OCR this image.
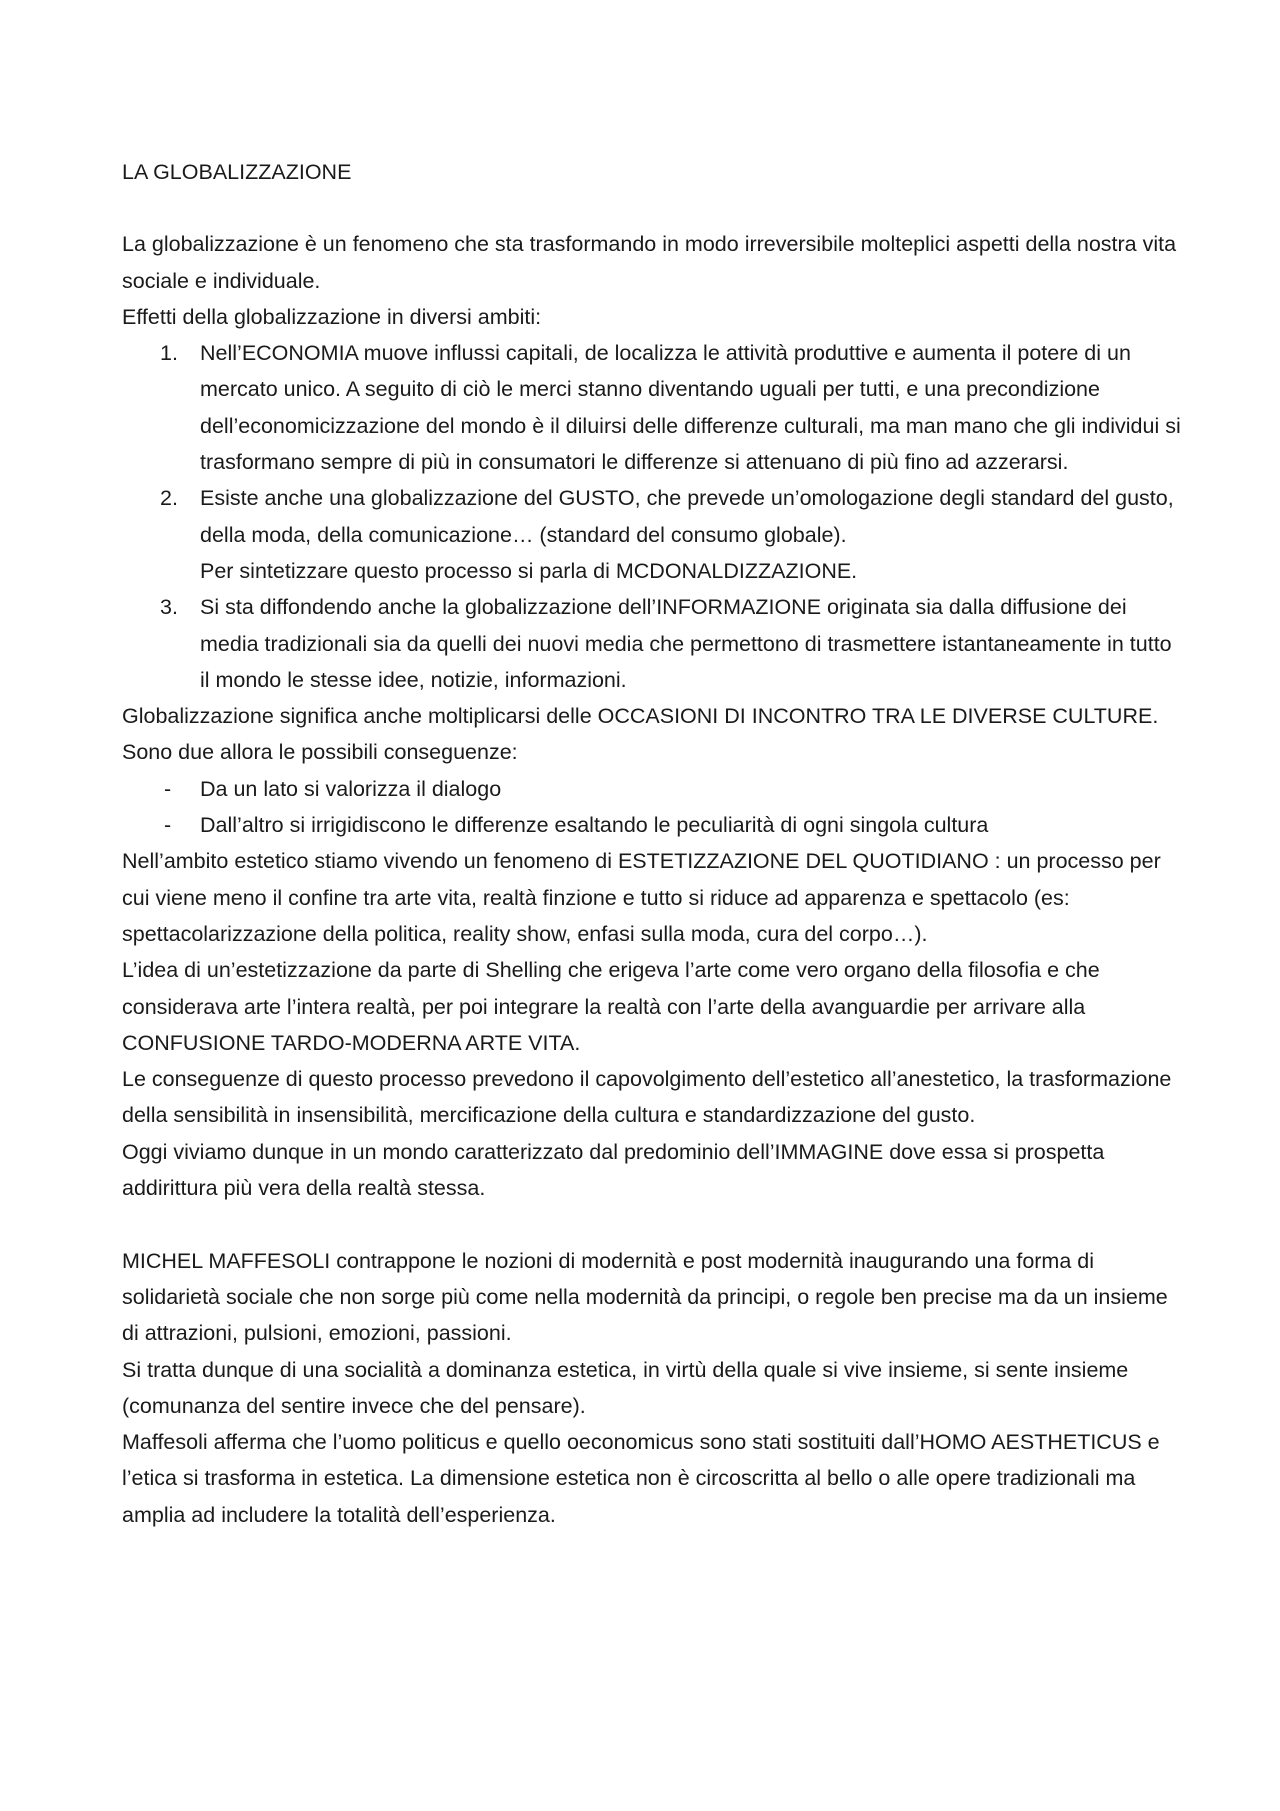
LA GLOBALIZZAZIONE

La globalizzazione è un fenomeno che sta trasformando in modo irreversibile molteplici aspetti della nostra vita sociale e individuale.

Effetti della globalizzazione in diversi ambiti:

1. Nell’ECONOMIA muove influssi capitali, de localizza le attività produttive e aumenta il potere di un mercato unico. A seguito di ciò le merci stanno diventando uguali per tutti, e una precondizione dell’economicizzazione del mondo è il diluirsi delle differenze culturali, ma man mano che gli individui si trasformano sempre di più in consumatori le differenze si attenuano di più fino ad azzerarsi.
2. Esiste anche una globalizzazione del GUSTO, che prevede un’omologazione degli standard del gusto, della moda, della comunicazione… (standard del consumo globale).
Per sintetizzare questo processo si parla di MCDONALDIZZAZIONE.
3. Si sta diffondendo anche la globalizzazione dell’INFORMAZIONE originata sia dalla diffusione dei media tradizionali sia da quelli dei nuovi media che permettono di trasmettere istantaneamente in tutto il mondo le stesse idee, notizie, informazioni.

Globalizzazione significa anche moltiplicarsi delle OCCASIONI DI INCONTRO TRA LE DIVERSE CULTURE.

Sono due allora le possibili conseguenze:

- Da un lato si valorizza il dialogo
- Dall’altro si irrigidiscono le differenze esaltando le peculiarità di ogni singola cultura

Nell’ambito estetico stiamo vivendo un fenomeno di ESTETIZZAZIONE DEL QUOTIDIANO : un processo per cui viene meno il confine tra arte vita, realtà finzione e tutto si riduce ad apparenza e spettacolo (es: spettacolarizzazione della politica, reality show, enfasi sulla moda, cura del corpo…).

L’idea di un’estetizzazione da parte di Shelling che erigeva l’arte come vero organo della filosofia e che considerava arte l’intera realtà, per poi integrare la realtà con l’arte della avanguardie per arrivare alla CONFUSIONE TARDO-MODERNA ARTE VITA.

Le conseguenze di questo processo prevedono il capovolgimento dell’estetico all’anestetico, la trasformazione della sensibilità in insensibilità, mercificazione della cultura e standardizzazione del gusto.

Oggi viviamo dunque in un mondo caratterizzato dal predominio dell’IMMAGINE dove essa si prospetta addirittura più vera della realtà stessa.

MICHEL MAFFESOLI contrappone le nozioni di modernità e post modernità inaugurando una forma di solidarietà sociale che non sorge più come nella modernità da principi, o regole ben precise ma da un insieme di attrazioni, pulsioni, emozioni, passioni.

Si tratta dunque di una socialità a dominanza estetica, in virtù della quale si vive insieme, si sente insieme (comunanza del sentire invece che del pensare).

Maffesoli afferma che l’uomo politicus e quello oeconomicus sono stati sostituiti dall’HOMO AESTHETICUS e l’etica si trasforma in estetica. La dimensione estetica non è circoscritta al bello o alle opere tradizionali ma amplia ad includere la totalità dell’esperienza.
